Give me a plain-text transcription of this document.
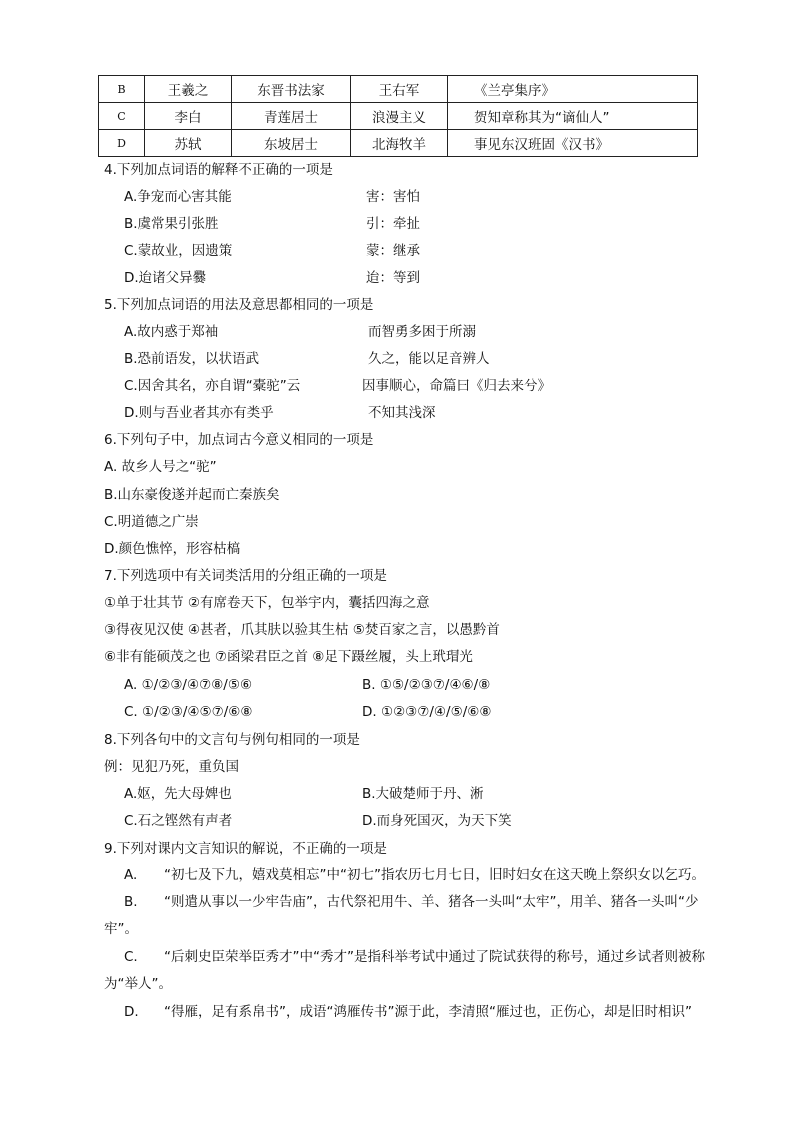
B	王羲之	东晋书法家	王右军	《兰亭集序》
C	李白	青莲居士	浪漫主义	贺知章称其为“谪仙人”
D	苏轼	东坡居士	北海牧羊	事见东汉班固《汉书》
4.下列加点词语的解释不正确的一项是
A.争宠而心害其能	害：害怕
B.虞常果引张胜	引：牵扯
C.蒙故业，因遗策	蒙：继承
D.迨诸父异爨	迨：等到
5.下列加点词语的用法及意思都相同的一项是
A.故内惑于郑袖	而智勇多困于所溺
B.恐前语发，以状语武	久之，能以足音辨人
C.因舍其名，亦自谓“橐驼”云	因事顺心，命篇曰《归去来兮》
D.则与吾业者其亦有类乎	不知其浅深
6.下列句子中，加点词古今意义相同的一项是
A. 故乡人号之“驼”
B.山东豪俊遂并起而亡秦族矣
C.明道德之广崇
D.颜色憔悴，形容枯槁
7.下列选项中有关词类活用的分组正确的一项是
①单于壮其节 ②有席卷天下，包举宇内，囊括四海之意
③得夜见汉使 ④甚者，爪其肤以验其生枯 ⑤焚百家之言，以愚黔首
⑥非有能硕茂之也 ⑦函梁君臣之首 ⑧足下蹑丝履，头上玳瑁光
A. ①/②③/④⑦⑧/⑤⑥	B. ①⑤/②③⑦/④⑥/⑧
C. ①/②③/④⑤⑦/⑥⑧	D. ①②③⑦/④/⑤/⑥⑧
8.下列各句中的文言句与例句相同的一项是
例：见犯乃死，重负国
A.妪，先大母婢也	B.大破楚师于丹、淅
C.石之铿然有声者	D.而身死国灭，为天下笑
9.下列对课内文言知识的解说，不正确的一项是
A. “初七及下九，嬉戏莫相忘”中“初七”指农历七月七日，旧时妇女在这天晚上祭织女以乞巧。
B. “则遣从事以一少牢告庙”，古代祭祀用牛、羊、猪各一头叫“太牢”，用羊、猪各一头叫“少牢”。
C. “后刺史臣荣举臣秀才”中“秀才”是指科举考试中通过了院试获得的称号，通过乡试者则被称为“举人”。
D. “得雁，足有系帛书”，成语“鸿雁传书”源于此，李清照“雁过也，正伤心，却是旧时相识”
